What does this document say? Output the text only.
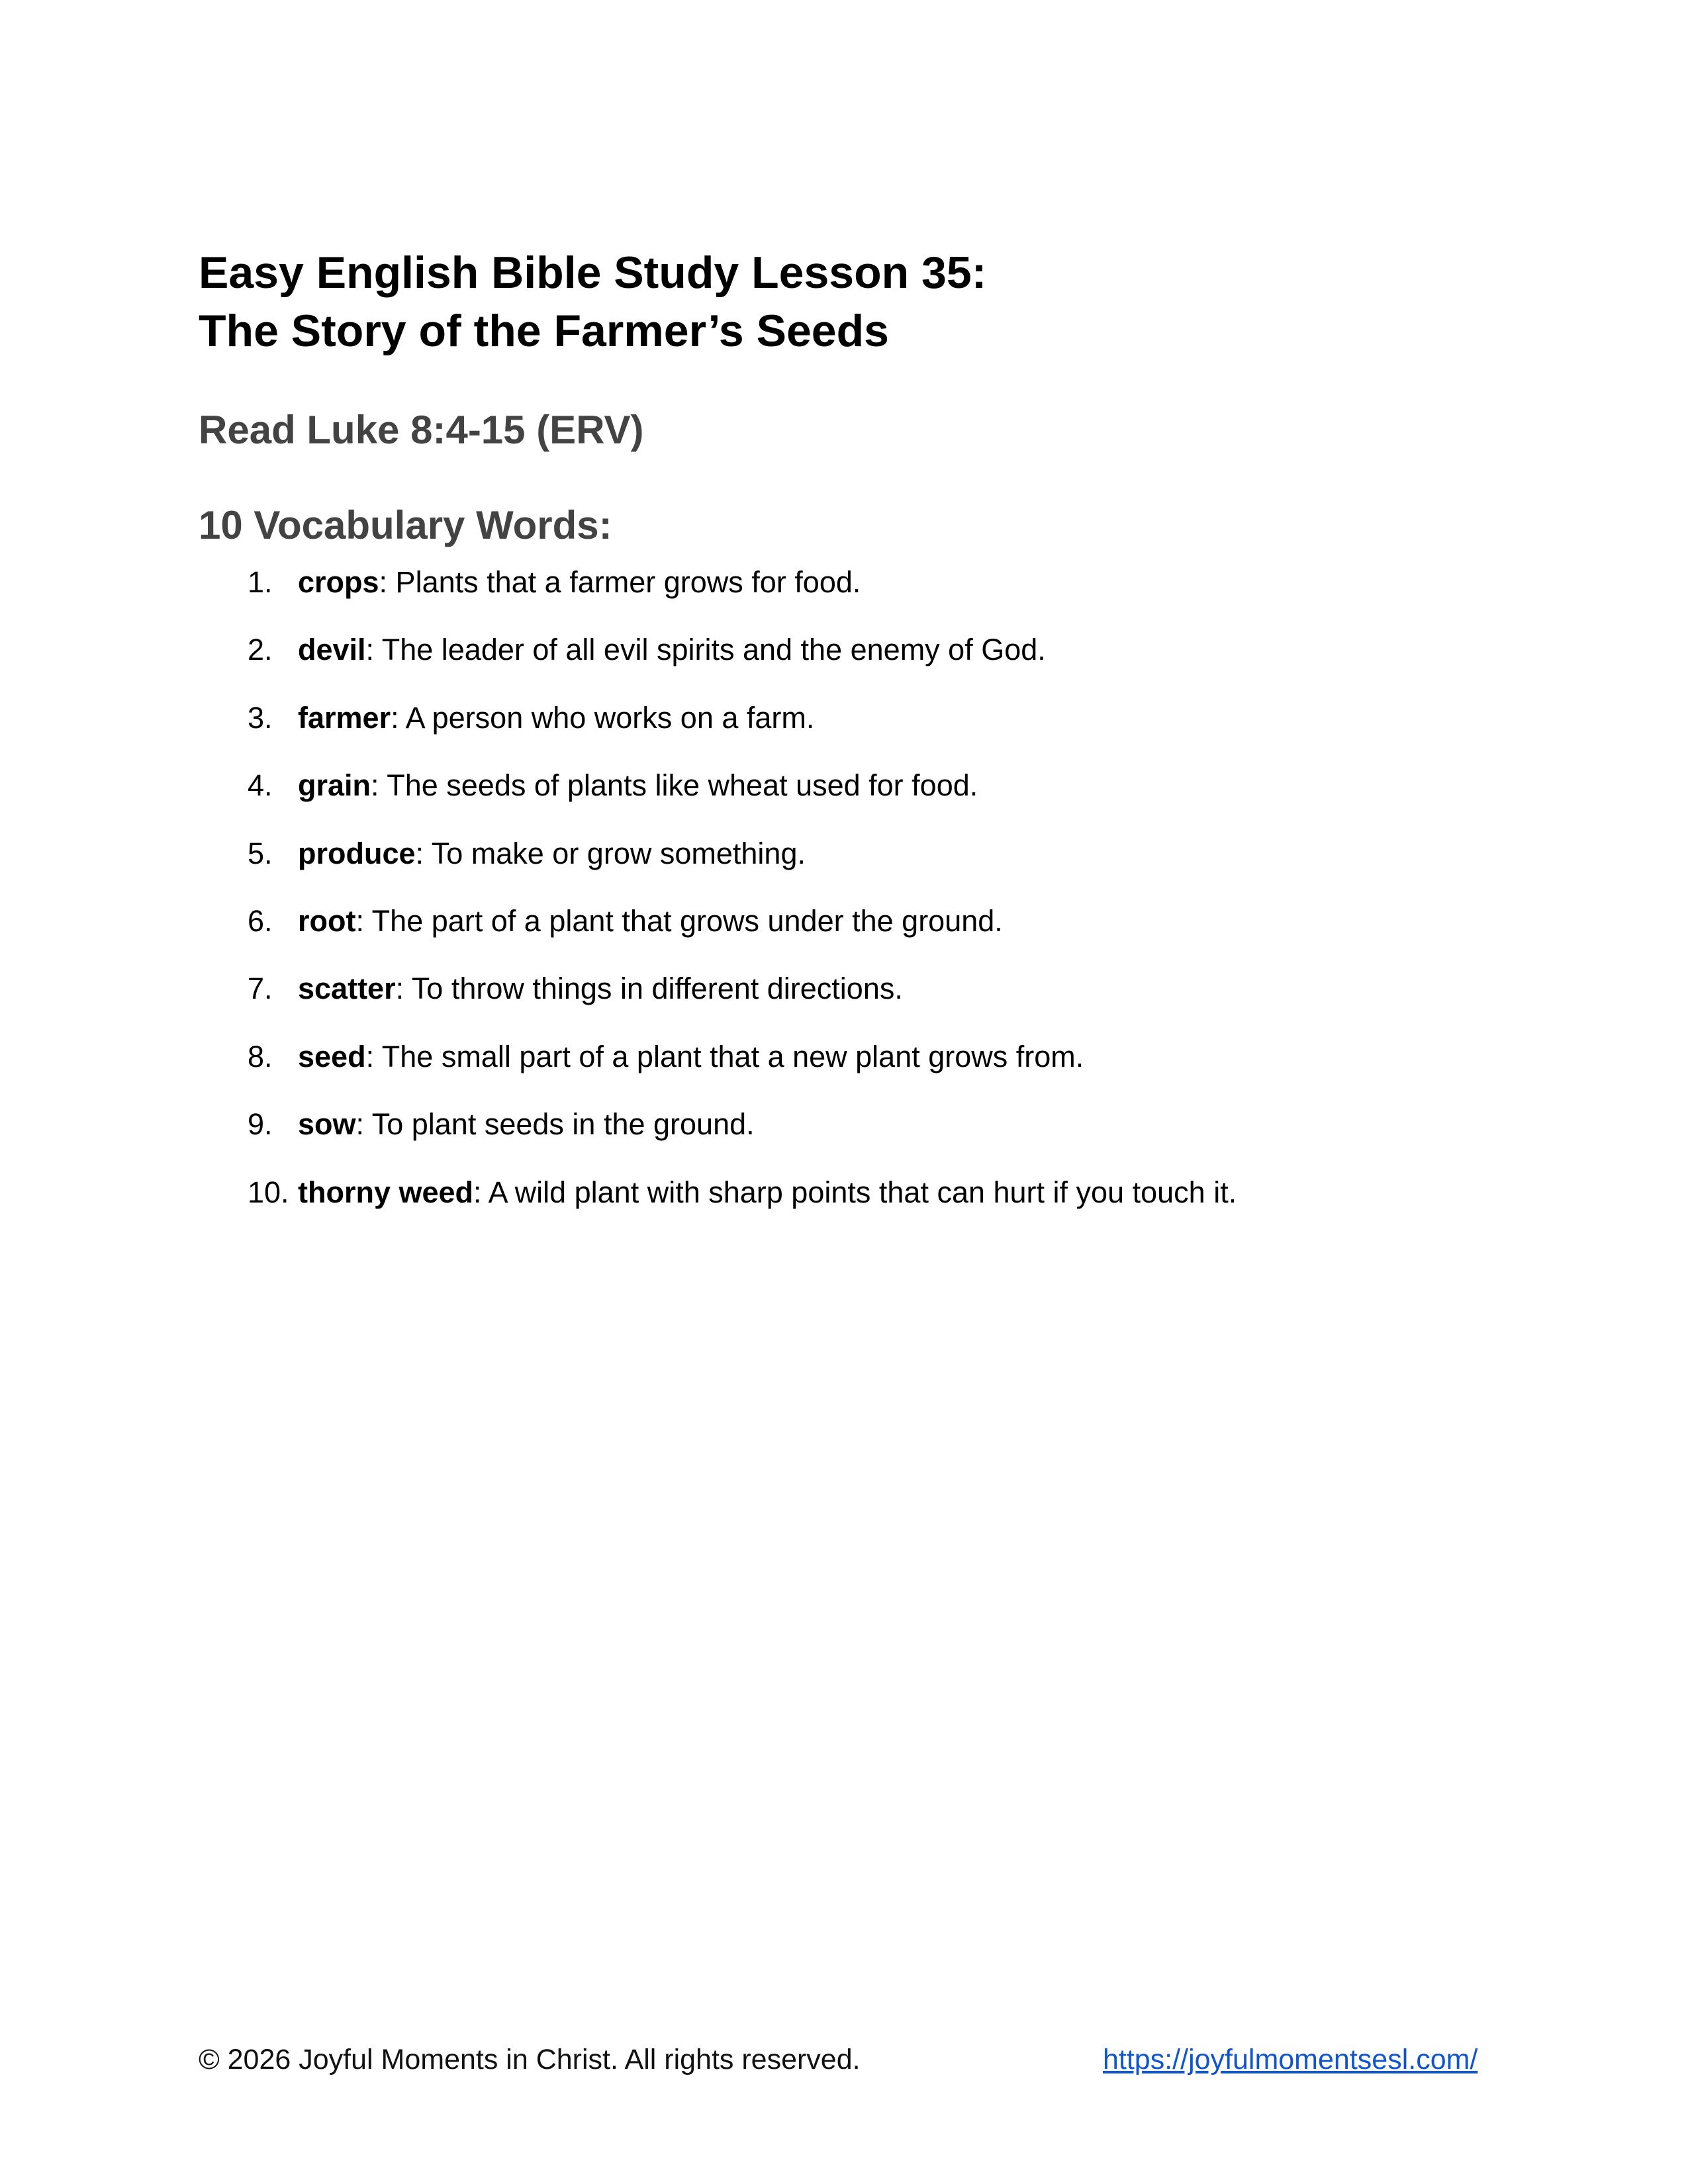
Easy English Bible Study Lesson 35:
The Story of the Farmer’s Seeds
Read Luke 8:4-15 (ERV)
10 Vocabulary Words:
1. crops: Plants that a farmer grows for food.
2. devil: The leader of all evil spirits and the enemy of God.
3. farmer: A person who works on a farm.
4. grain: The seeds of plants like wheat used for food.
5. produce: To make or grow something.
6. root: The part of a plant that grows under the ground.
7. scatter: To throw things in different directions.
8. seed: The small part of a plant that a new plant grows from.
9. sow: To plant seeds in the ground.
10. thorny weed: A wild plant with sharp points that can hurt if you touch it.
© 2026 Joyful Moments in Christ. All rights reserved.	https://joyfulmomentsesl.com/
